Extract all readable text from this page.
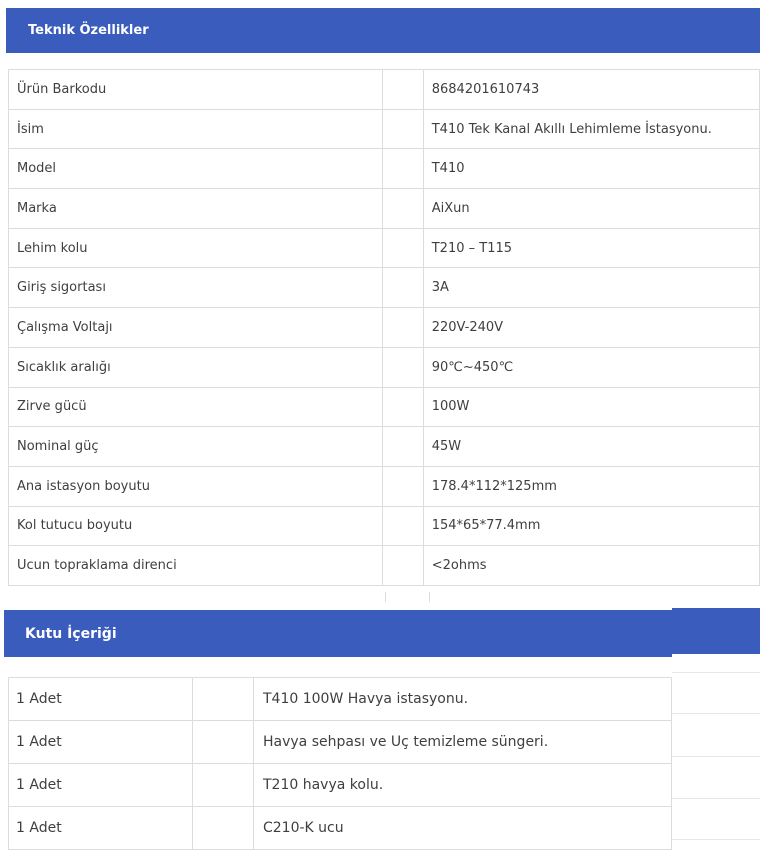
Teknik Özellikler
Ürün Barkodu		8684201610743
İsim		T410 Tek Kanal Akıllı Lehimleme İstasyonu.
Model		T410
Marka		AiXun
Lehim kolu		T210 – T115
Giriş sigortası		3A
Çalışma Voltajı		220V-240V
Sıcaklık aralığı		90℃~450℃
Zirve gücü		100W
Nominal güç		45W
Ana istasyon boyutu		178.4*112*125mm
Kol tutucu boyutu		154*65*77.4mm
Ucun topraklama direnci		<2ohms
Kutu İçeriği
1 Adet		T410 100W Havya istasyonu.
1 Adet		Havya sehpası ve Uç temizleme süngeri.
1 Adet		T210 havya kolu.
1 Adet		C210-K ucu
